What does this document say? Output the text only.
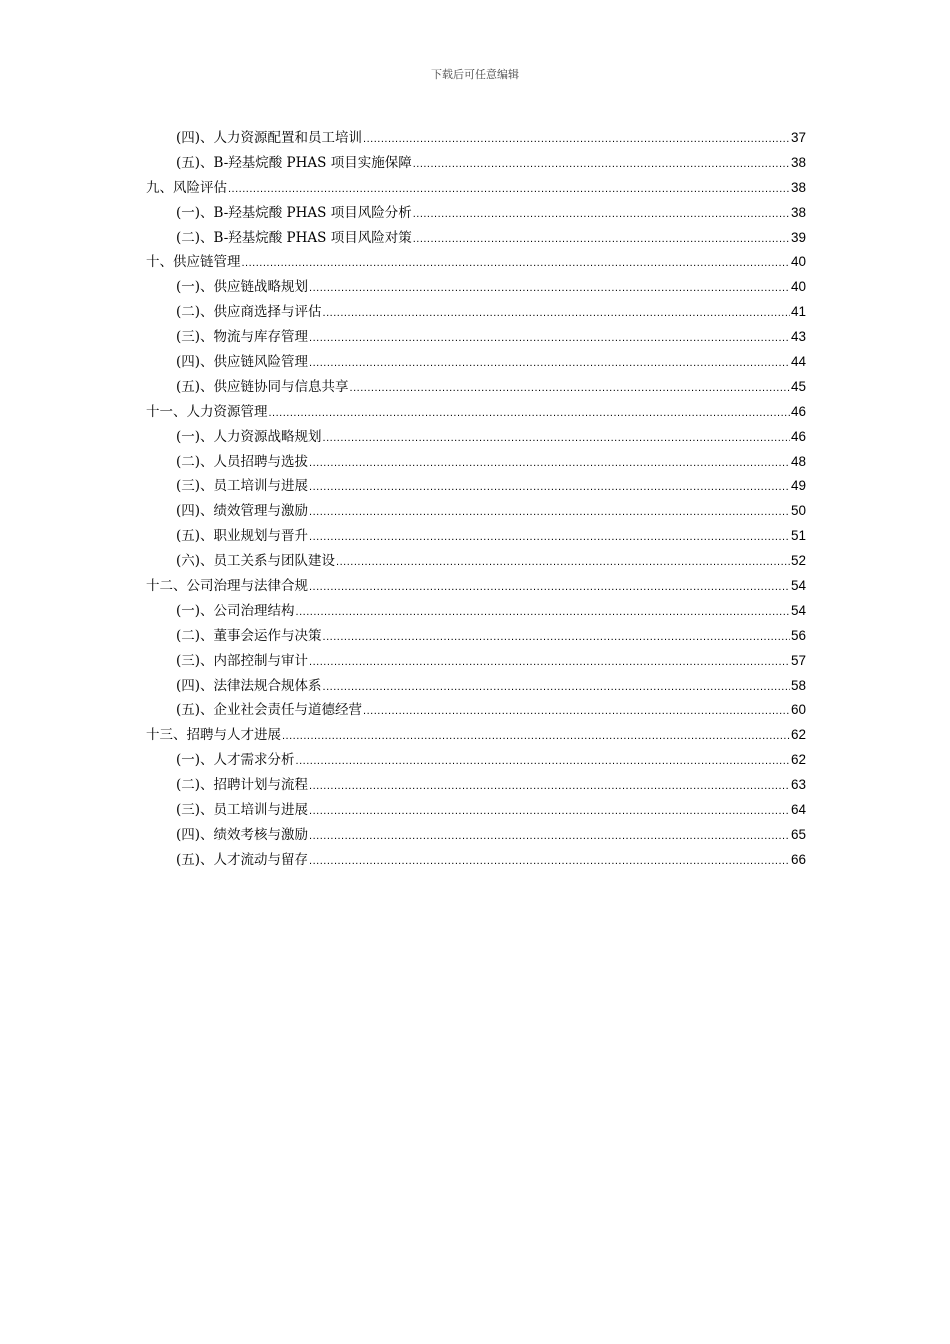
下载后可任意编辑
(四)、人力资源配置和员工培训 .....	37
(五)、B-羟基烷酸 PHAS 项目实施保障 .....	38
九、风险评估 .....	38
(一)、B-羟基烷酸 PHAS 项目风险分析 .....	38
(二)、B-羟基烷酸 PHAS 项目风险对策 .....	39
十、供应链管理 .....	40
(一)、供应链战略规划 .....	40
(二)、供应商选择与评估 .....	41
(三)、物流与库存管理 .....	43
(四)、供应链风险管理 .....	44
(五)、供应链协同与信息共享 .....	45
十一、人力资源管理 .....	46
(一)、人力资源战略规划 .....	46
(二)、人员招聘与选拔 .....	48
(三)、员工培训与进展 .....	49
(四)、绩效管理与激励 .....	50
(五)、职业规划与晋升 .....	51
(六)、员工关系与团队建设 .....	52
十二、公司治理与法律合规 .....	54
(一)、公司治理结构 .....	54
(二)、董事会运作与决策 .....	56
(三)、内部控制与审计 .....	57
(四)、法律法规合规体系 .....	58
(五)、企业社会责任与道德经营 .....	60
十三、招聘与人才进展 .....	62
(一)、人才需求分析 .....	62
(二)、招聘计划与流程 .....	63
(三)、员工培训与进展 .....	64
(四)、绩效考核与激励 .....	65
(五)、人才流动与留存 .....	66
